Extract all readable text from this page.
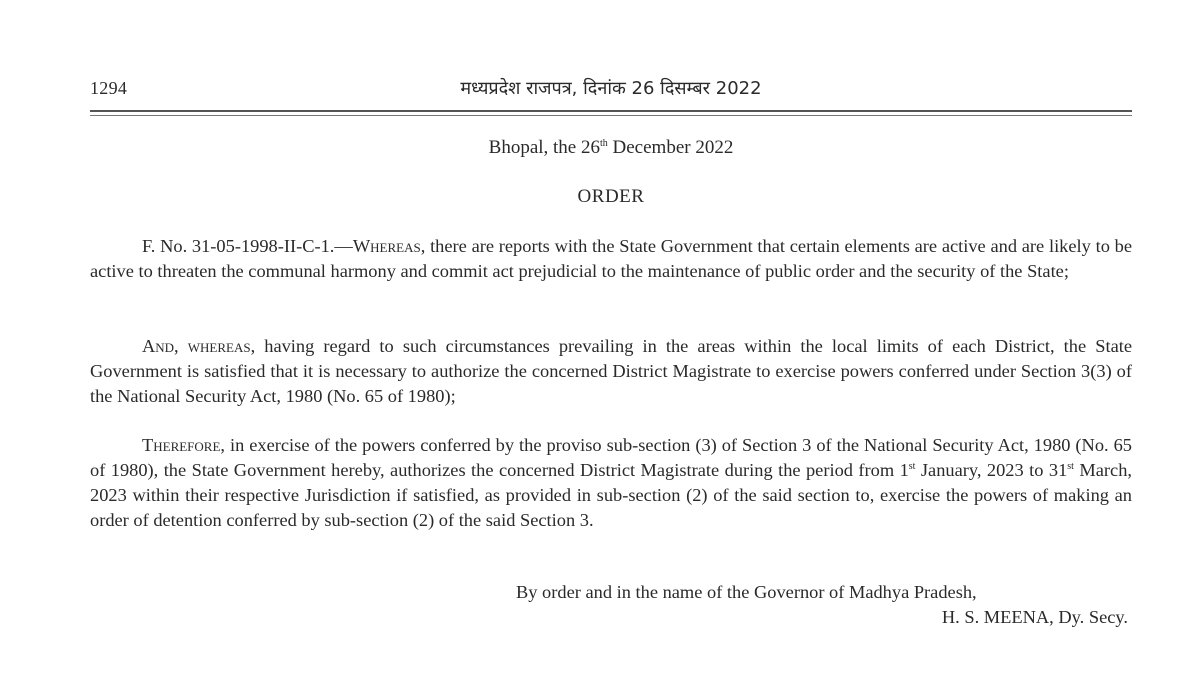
1294	मध्यप्रदेश राजपत्र, दिनांक 26 दिसम्बर 2022
Bhopal, the 26th December 2022
ORDER

F. No. 31-05-1998-II-C-1.—Whereas, there are reports with the State Government that certain elements are active and are likely to be active to threaten the communal harmony and commit act prejudicial to the maintenance of public order and the security of the State;

And, whereas, having regard to such circumstances prevailing in the areas within the local limits of each District, the State Government is satisfied that it is necessary to authorize the concerned District Magistrate to exercise powers conferred under Section 3(3) of the National Security Act, 1980 (No. 65 of 1980);

Therefore, in exercise of the powers conferred by the proviso sub-section (3) of Section 3 of the National Security Act, 1980 (No. 65 of 1980), the State Government hereby, authorizes the concerned District Magistrate during the period from 1st January, 2023 to 31st March, 2023 within their respective Jurisdiction if satisfied, as provided in sub-section (2) of the said section to, exercise the powers of making an order of detention conferred by sub-section (2) of the said Section 3.

By order and in the name of the Governor of Madhya Pradesh,
H. S. MEENA, Dy. Secy.
